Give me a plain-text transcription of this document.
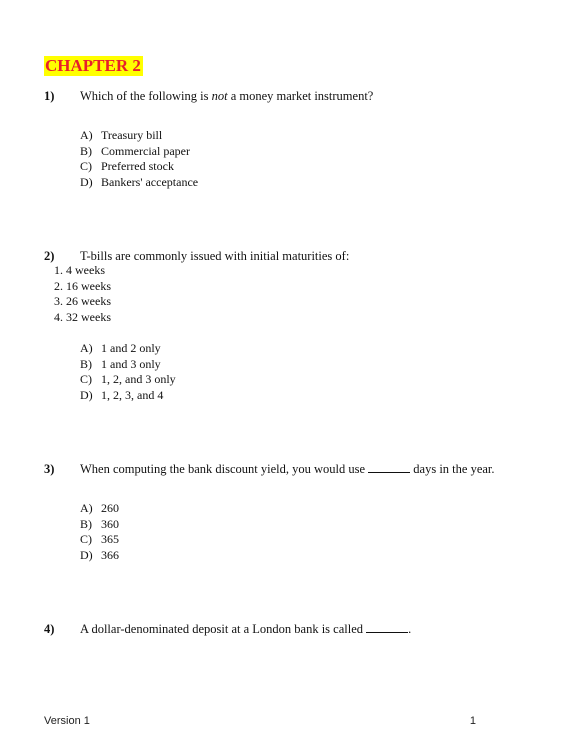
CHAPTER 2
1) Which of the following is not a money market instrument?
A) Treasury bill
B) Commercial paper
C) Preferred stock
D) Bankers' acceptance
2) T-bills are commonly issued with initial maturities of:
1. 4 weeks
2. 16 weeks
3. 26 weeks
4. 32 weeks
A) 1 and 2 only
B) 1 and 3 only
C) 1, 2, and 3 only
D) 1, 2, 3, and 4
3) When computing the bank discount yield, you would use	days in the year.
A) 260
B) 360
C) 365
D) 366
4) A dollar-denominated deposit at a London bank is called	.
Version 1	1
